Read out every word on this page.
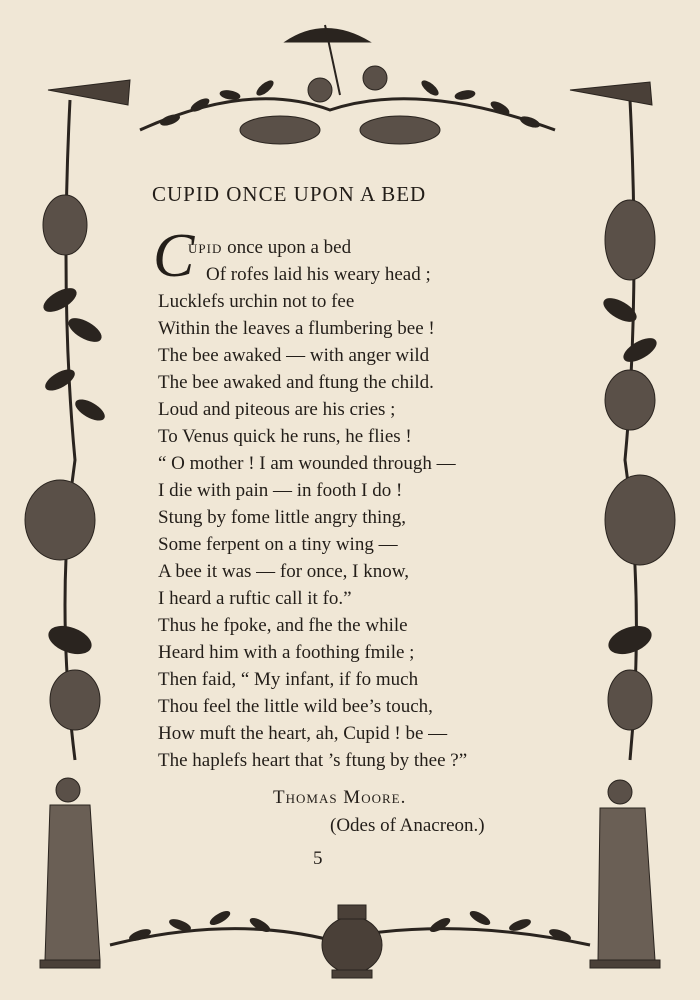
CUPID ONCE UPON A BED
C
upid once upon a bed
Of rofes laid his weary head ;
Lucklefs urchin not to fee
Within the leaves a flumbering bee !
The bee awaked — with anger wild
The bee awaked and ftung the child.
Loud and piteous are his cries ;
To Venus quick he runs, he flies !
“ O mother ! I am wounded through —
I die with pain — in footh I do !
Stung by fome little angry thing,
Some ferpent on a tiny wing —
A bee it was — for once, I know,
I heard a ruftic call it fo.”
Thus he fpoke, and fhe the while
Heard him with a foothing fmile ;
Then faid, “ My infant, if fo much
Thou feel the little wild bee’s touch,
How muft the heart, ah, Cupid ! be —
The haplefs heart that ’s ftung by thee ?”
Thomas Moore.
(Odes of Anacreon.)
5
